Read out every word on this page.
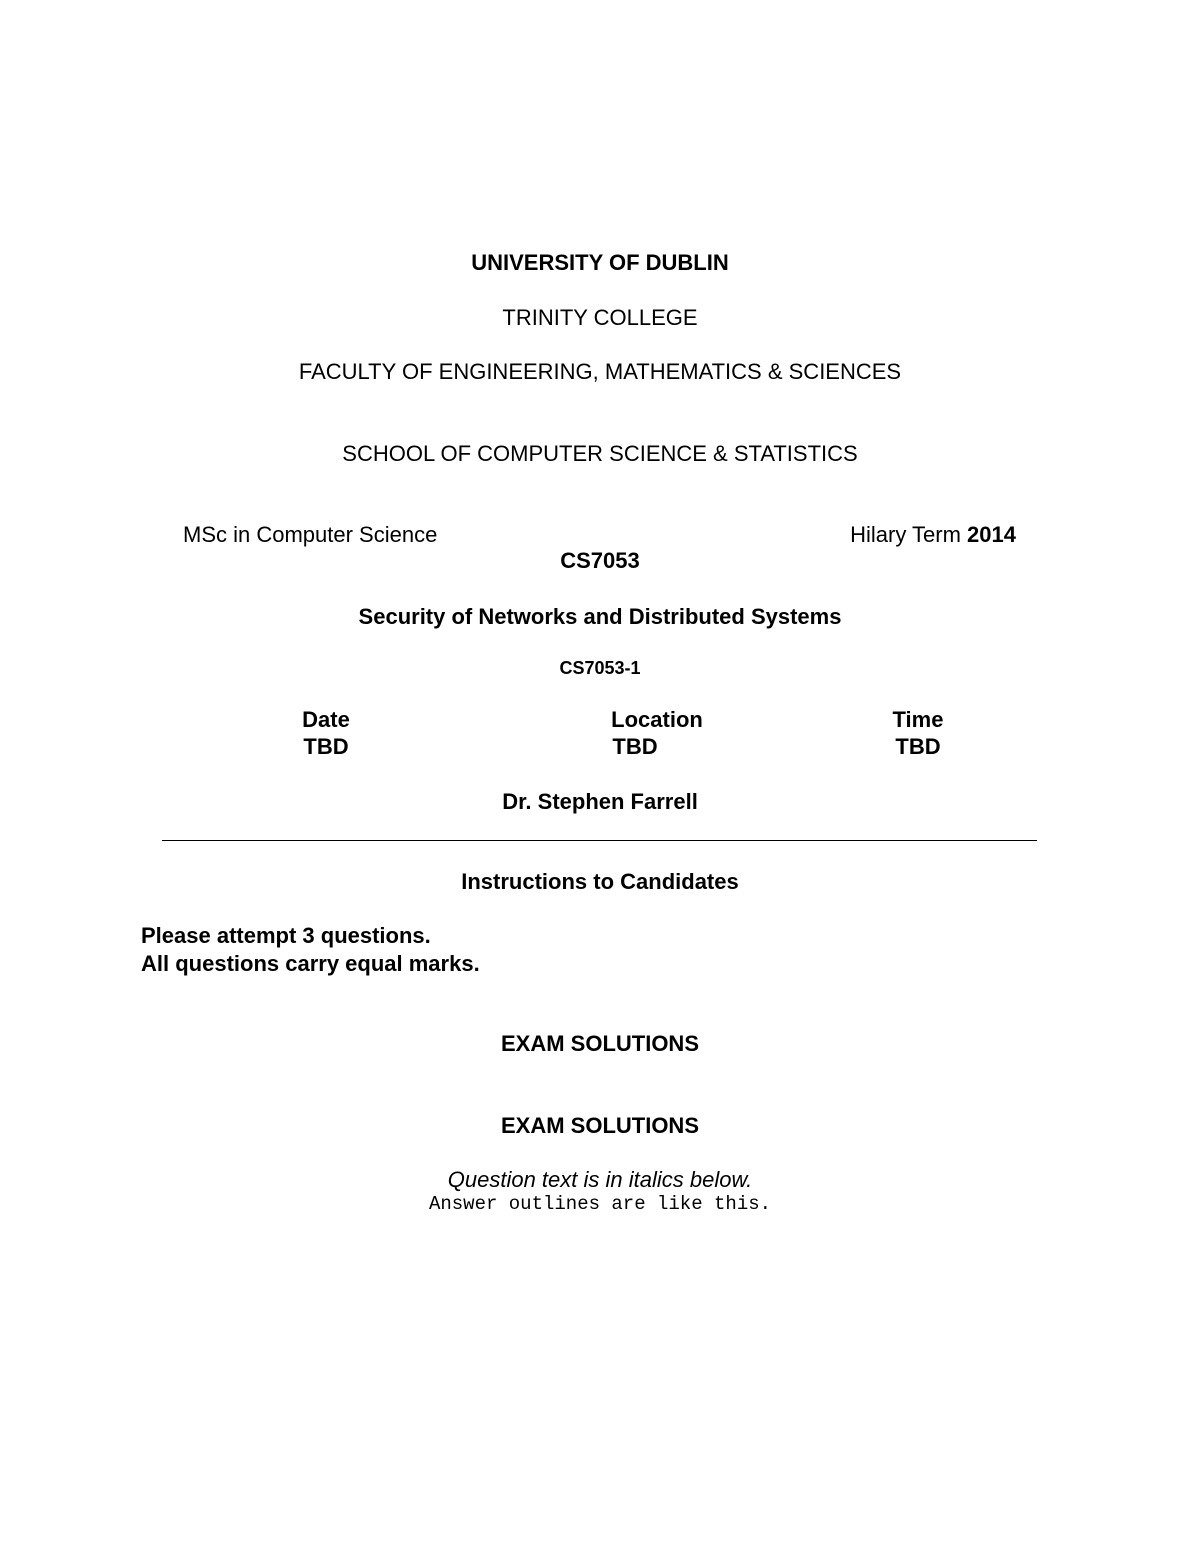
UNIVERSITY OF DUBLIN
TRINITY COLLEGE
FACULTY OF ENGINEERING, MATHEMATICS & SCIENCES
SCHOOL OF COMPUTER SCIENCE & STATISTICS
MSc in Computer Science	Hilary Term 2014
CS7053
Security of Networks and Distributed Systems
CS7053-1
Date
TBD
Location
TBD
Time
TBD
Dr. Stephen Farrell
Instructions to Candidates
Please attempt 3 questions.
All questions carry equal marks.
EXAM SOLUTIONS
EXAM SOLUTIONS
Question text is in italics below.
Answer outlines are like this.
